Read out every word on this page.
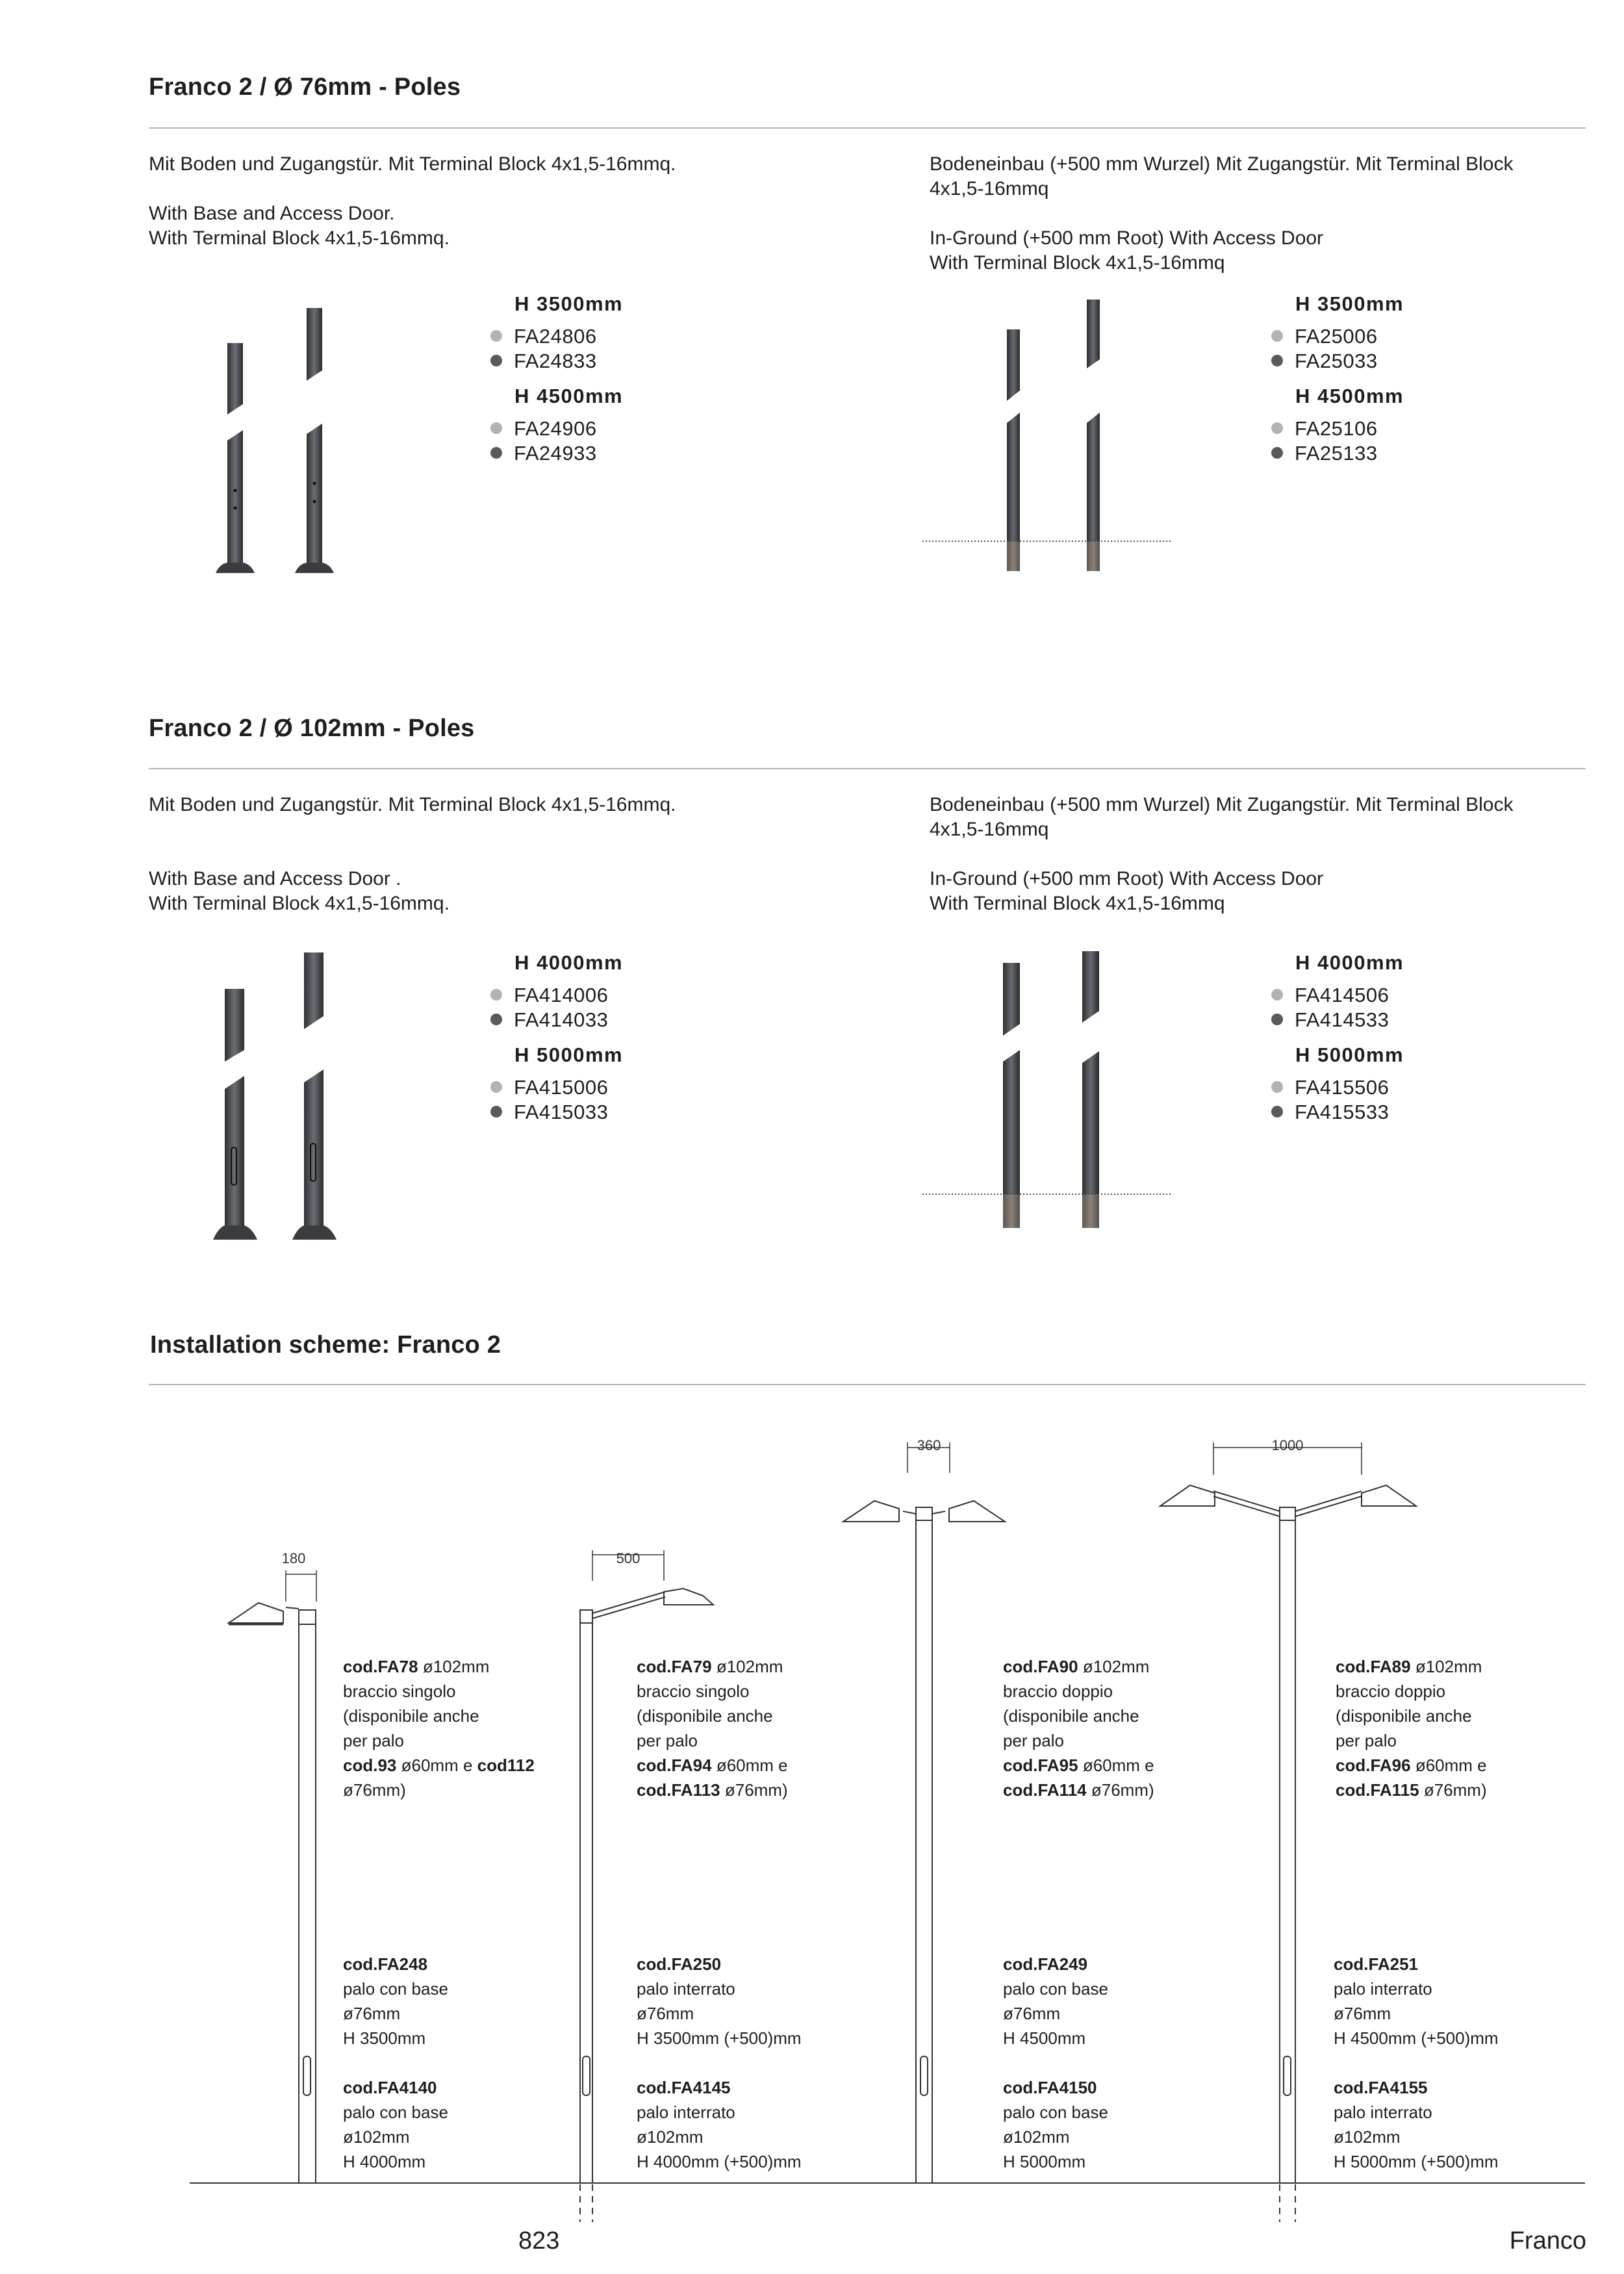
Franco 2 / Ø 76mm - Poles
Mit Boden und Zugangstür. Mit Terminal Block 4x1,5-16mmq.
With Base and Access Door.
With Terminal Block 4x1,5-16mmq.
Bodeneinbau (+500 mm Wurzel) Mit Zugangstür. Mit Terminal Block
4x1,5-16mmq
In-Ground (+500 mm Root) With Access Door
With Terminal Block 4x1,5-16mmq
H 3500mm
FA24806
FA24833
H 4500mm
FA24906
FA24933
H 3500mm
FA25006
FA25033
H 4500mm
FA25106
FA25133
Franco 2 / Ø 102mm - Poles
Mit Boden und Zugangstür. Mit Terminal Block 4x1,5-16mmq.
With Base and Access Door .
With Terminal Block 4x1,5-16mmq.
Bodeneinbau (+500 mm Wurzel) Mit Zugangstür. Mit Terminal Block
4x1,5-16mmq
In-Ground (+500 mm Root) With Access Door
With Terminal Block 4x1,5-16mmq
H 4000mm
FA414006
FA414033
H 5000mm
FA415006
FA415033
H 4000mm
FA414506
FA414533
H 5000mm
FA415506
FA415533
Installation scheme: Franco 2
180	500
360	1000
cod.FA78 ø102mm
braccio singolo
(disponibile anche
per palo
cod.93 ø60mm e cod112
ø76mm)
cod.FA79 ø102mm
braccio singolo
(disponibile anche
per palo
cod.FA94 ø60mm e
cod.FA113 ø76mm)
cod.FA90 ø102mm
braccio doppio
(disponibile anche
per palo
cod.FA95 ø60mm e
cod.FA114 ø76mm)
cod.FA89 ø102mm
braccio doppio
(disponibile anche
per palo
cod.FA96 ø60mm e
cod.FA115 ø76mm)
cod.FA248
palo con base
ø76mm
H 3500mm
cod.FA4140
palo con base
ø102mm
H 4000mm
cod.FA250
palo interrato
ø76mm
H 3500mm (+500)mm
cod.FA4145
palo interrato
ø102mm
H 4000mm (+500)mm
cod.FA249
palo con base
ø76mm
H 4500mm
cod.FA4150
palo con base
ø102mm
H 5000mm
cod.FA251
palo interrato
ø76mm
H 4500mm (+500)mm
cod.FA4155
palo interrato
ø102mm
H 5000mm (+500)mm
823	Franco
